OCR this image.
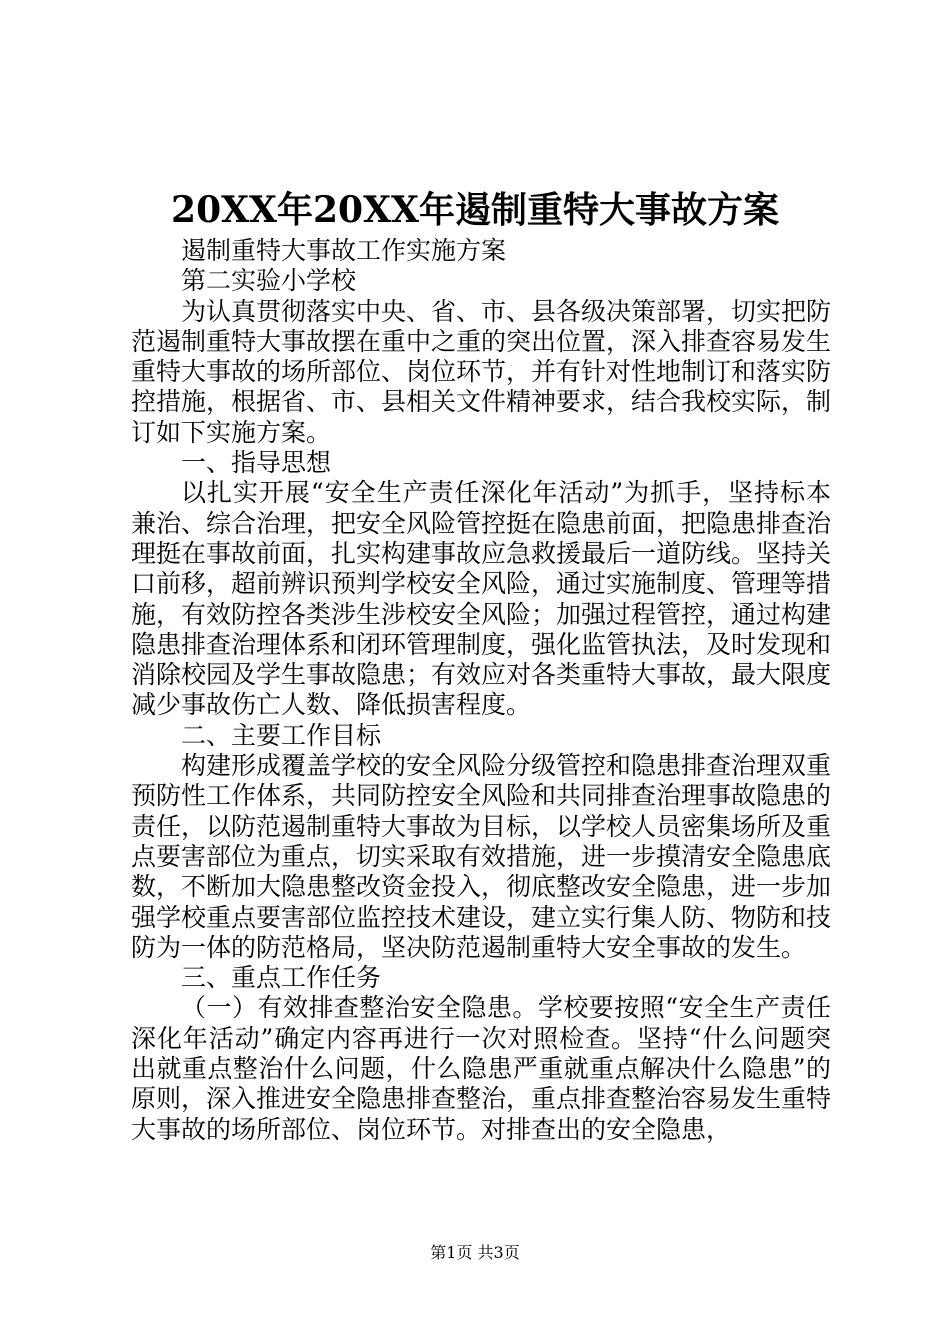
20XX年20XX年遏制重特大事故方案

遏制重特大事故工作实施方案

第二实验小学校

为认真贯彻落实中央、省、市、县各级决策部署，切实把防范遏制重特大事故摆在重中之重的突出位置，深入排查容易发生重特大事故的场所部位、岗位环节，并有针对性地制订和落实防控措施，根据省、市、县相关文件精神要求，结合我校实际，制订如下实施方案。

一、指导思想

以扎实开展“安全生产责任深化年活动”为抓手，坚持标本兼治、综合治理，把安全风险管控挺在隐患前面，把隐患排查治理挺在事故前面，扎实构建事故应急救援最后一道防线。坚持关口前移，超前辨识预判学校安全风险，通过实施制度、管理等措施，有效防控各类涉生涉校安全风险；加强过程管控，通过构建隐患排查治理体系和闭环管理制度，强化监管执法，及时发现和消除校园及学生事故隐患；有效应对各类重特大事故，最大限度减少事故伤亡人数、降低损害程度。

二、主要工作目标

构建形成覆盖学校的安全风险分级管控和隐患排查治理双重预防性工作体系，共同防控安全风险和共同排查治理事故隐患的责任，以防范遏制重特大事故为目标，以学校人员密集场所及重点要害部位为重点，切实采取有效措施，进一步摸清安全隐患底数，不断加大隐患整改资金投入，彻底整改安全隐患，进一步加强学校重点要害部位监控技术建设，建立实行集人防、物防和技防为一体的防范格局，坚决防范遏制重特大安全事故的发生。

三、重点工作任务

（一）有效排查整治安全隐患。学校要按照“安全生产责任深化年活动”确定内容再进行一次对照检查。坚持“什么问题突出就重点整治什么问题，什么隐患严重就重点解决什么隐患”的原则，深入推进安全隐患排查整治，重点排查整治容易发生重特大事故的场所部位、岗位环节。对排查出的安全隐患，

第1页 共3页
